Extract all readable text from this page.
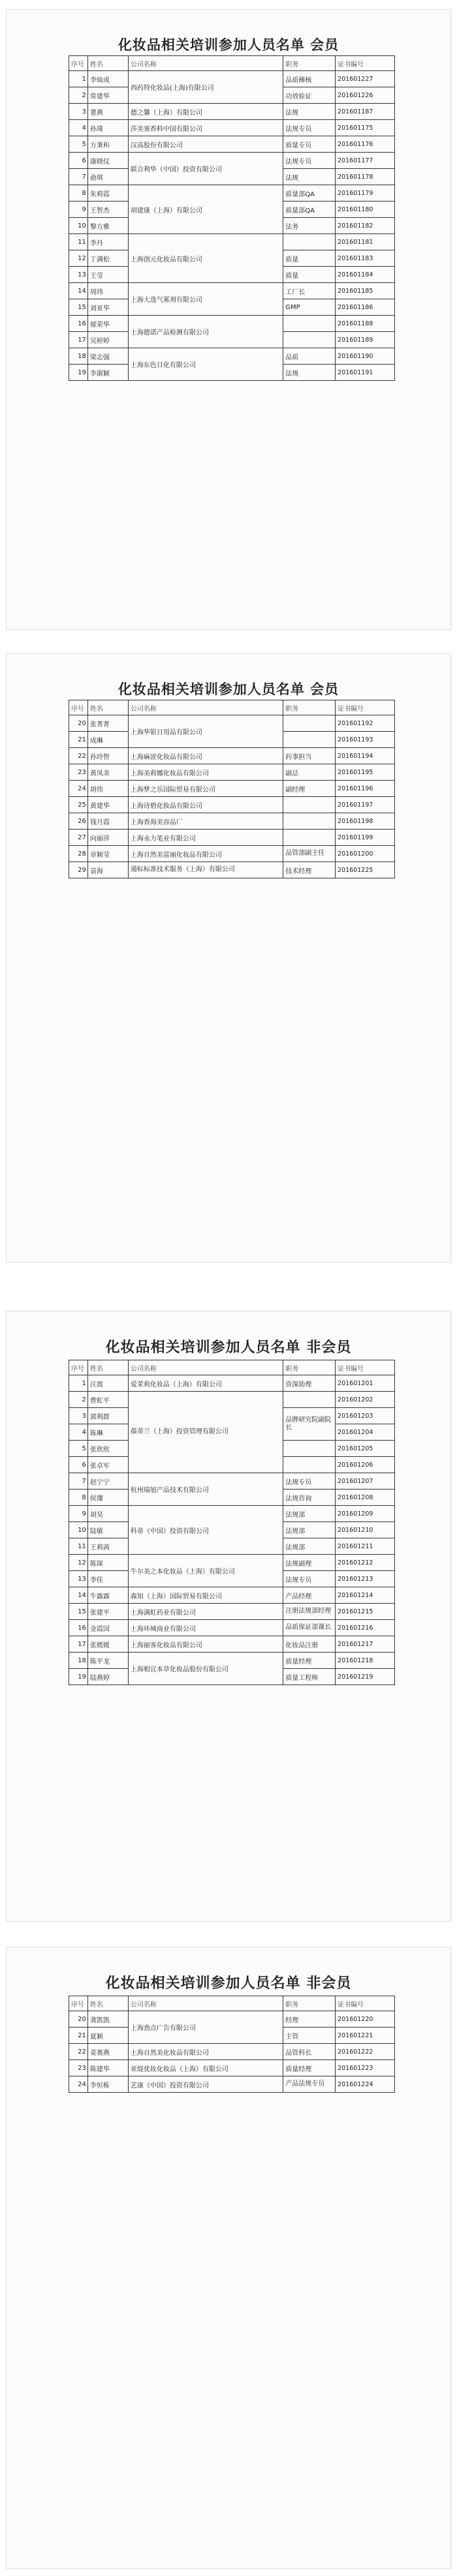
化妆品相关培训参加人员名单 会员
序号	姓名	公司名称	职务	证书编号
1	李灿成	西药特化妆品(上海)有限公司	品质稽核	201601227
2	常建华		功效验证	201601226
3	董燕	德之馨（上海）有限公司	法规	201601187
4	孙琦	莎美塞香料中国有限公司	法规专员	201601175
5	方秉和	汉高股份有限公司	质量专员	201601176
6	康晓仪	联合利华（中国）投资有限公司	法规专员	201601177
7	俞琪		法规	201601178
8	朱莉霞	胡建康（上海）有限公司	质量部QA	201601179
9	王智杰		质量部QA	201601180
10	黎方雅		法务	201601182
11	李丹	上海创元化妆品有限公司		201601181
12	丁满松		质量	201601183
13	王莹		质量	201601184
14	周玮	上海大选气雾剂有限公司	工厂长	201601185
15	刘亚华		GMP	201601186
16	郁荣华	上海德诺产品检测有限公司		201601188
17	吴婷婷			201601189
18	梁志强	上海东色日化有限公司	品质	201601190
19	李淑颖		法规	201601191
化妆品相关培训参加人员名单 会员
序号	姓名	公司名称	职务	证书编号
20	张菁菁	上海华银日用品有限公司		201601192
21	成琳			201601193
22	孙玲智	上海麻涩化妆品有限公司	药事担当	201601194
23	黄凤美	上海美莉娜化妆品有限公司	副总	201601195
24	胡伟	上海梦之乐国际贸易有限公司	副经理	201601196
25	黄建华	上海诗碧化妆品有限公司		201601197
26	钱月霞	上海香海美容品厂		201601198
27	向丽萍	上海永力笔业有限公司		201601199
28	章颖莹	上海自然美富丽化妆品有限公司	品管部副主任	201601200
29	袁海	通标标准技术服务（上海）有限公司	技术经理	201601225
化妆品相关培训参加人员名单 非会员
序号	姓名	公司名称	职务	证书编号
1	汪震	爱茉莉化妆品（上海）有限公司	资深助理	201601201
2	曹虹平	葆蒂兰（上海）投资管理有限公司		201601202
3	郭利群		品牌研究院副院长	201601203
4	陈琳			201601204
5	张欣欣			201601205
6	张卓军			201601206
7	赵宁宁	杭州瑞旭产品技术有限公司	法规专员	201601207
8	侯璨		法规咨询	201601208
9	胡昊	科蒂（中国）投资有限公司	法规部	201601209
10	陆敏		法规部	201601210
11	王莉茜		法规部	201601211
12	陈琛	牛尔美之本化妆品（上海）有限公司	法规副理	201601212
13	李佳		法规专员	201601213
14	牛露露	森知（上海）国际贸易有限公司	产品经理	201601214
15	张建平	上海满虹药业有限公司	注册法规部经理	201601215
16	金霞国	上海环城商业有限公司	品质保证部课长	201601216
17	张媛媛	上海丽客化妆品有限公司	化妆品注册	201601217
18	陈平龙	上海相宜本草化妆品股份有限公司	质量经理	201601218
19	陆燕婷		质量工程师	201601219
化妆品相关培训参加人员名单 非会员
序号	姓名	公司名称	职务	证书编号
20	龚凯凯	上海劲点广告有限公司	经理	201601220
21	夏颖		主管	201601221
22	姜赛燕	上海自然美化妆品有限公司	品管科长	201601222
23	陈建华	亚缇优妆化妆品（上海）有限公司	质量经理	201601223
24	李恒栋	艺康（中国）投资有限公司	产品法规专员	201601224
